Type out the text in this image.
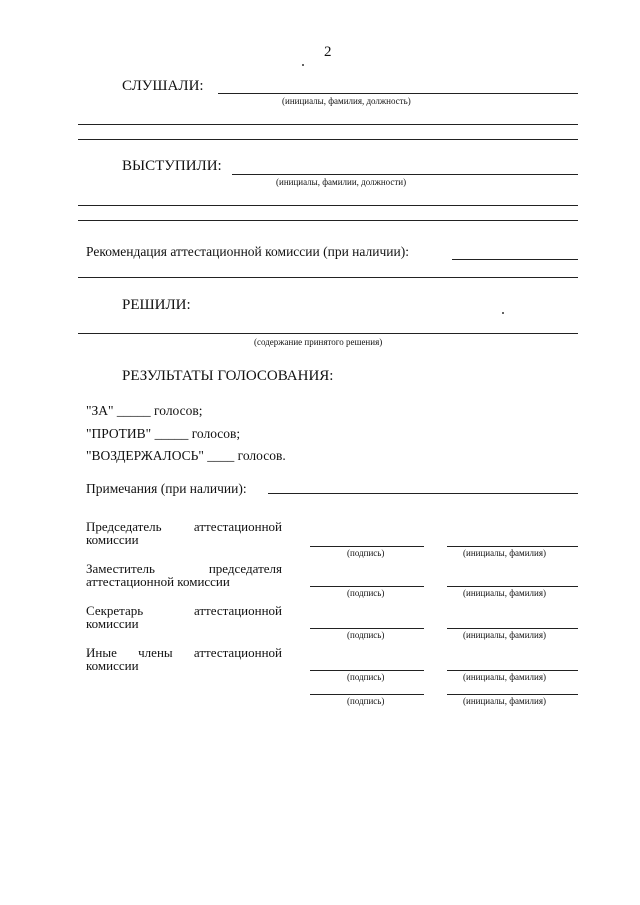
2
СЛУШАЛИ:
(инициалы, фамилия, должность)
ВЫСТУПИЛИ:
(инициалы, фамилии, должности)
Рекомендация аттестационной комиссии (при наличии):
РЕШИЛИ:
(содержание принятого решения)
РЕЗУЛЬТАТЫ ГОЛОСОВАНИЯ:
"ЗА" _____ голосов;
"ПРОТИВ" _____ голосов;
"ВОЗДЕРЖАЛОСЬ" ____ голосов.
Примечания (при наличии):
Председатель аттестационной
комиссии
(подпись)	(инициалы, фамилия)
Заместитель председателя
аттестационной комиссии
(подпись)	(инициалы, фамилия)
Секретарь аттестационной
комиссии
(подпись)	(инициалы, фамилия)
Иные члены аттестационной
комиссии
(подпись)	(инициалы, фамилия)
(подпись)	(инициалы, фамилия)
